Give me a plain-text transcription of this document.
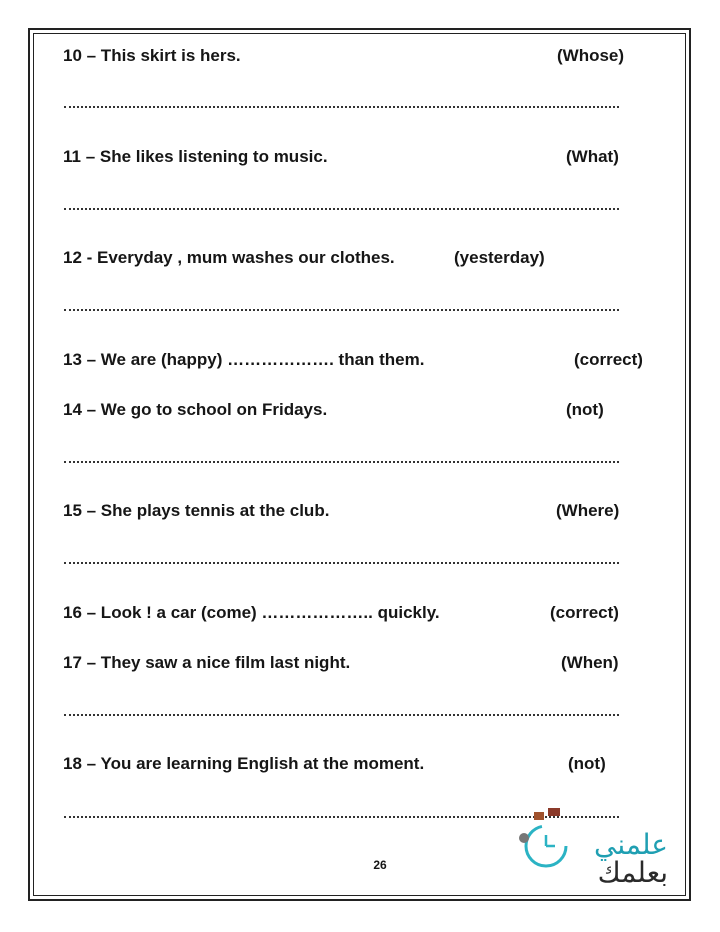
10 – This skirt is hers.	(Whose)
11 – She likes listening to music.	(What)
12 - Everyday , mum washes our clothes.	(yesterday)
13 – We are (happy) ………………. than them.	(correct)
14 – We go to school on Fridays.	(not)
15 – She plays tennis at the club.	(Where)
16 – Look ! a car (come) ……………….. quickly.	(correct)
17 – They saw a nice film last night.	(When)
18 – You are learning English at the moment.	(not)
26
علمني
بعلمك
